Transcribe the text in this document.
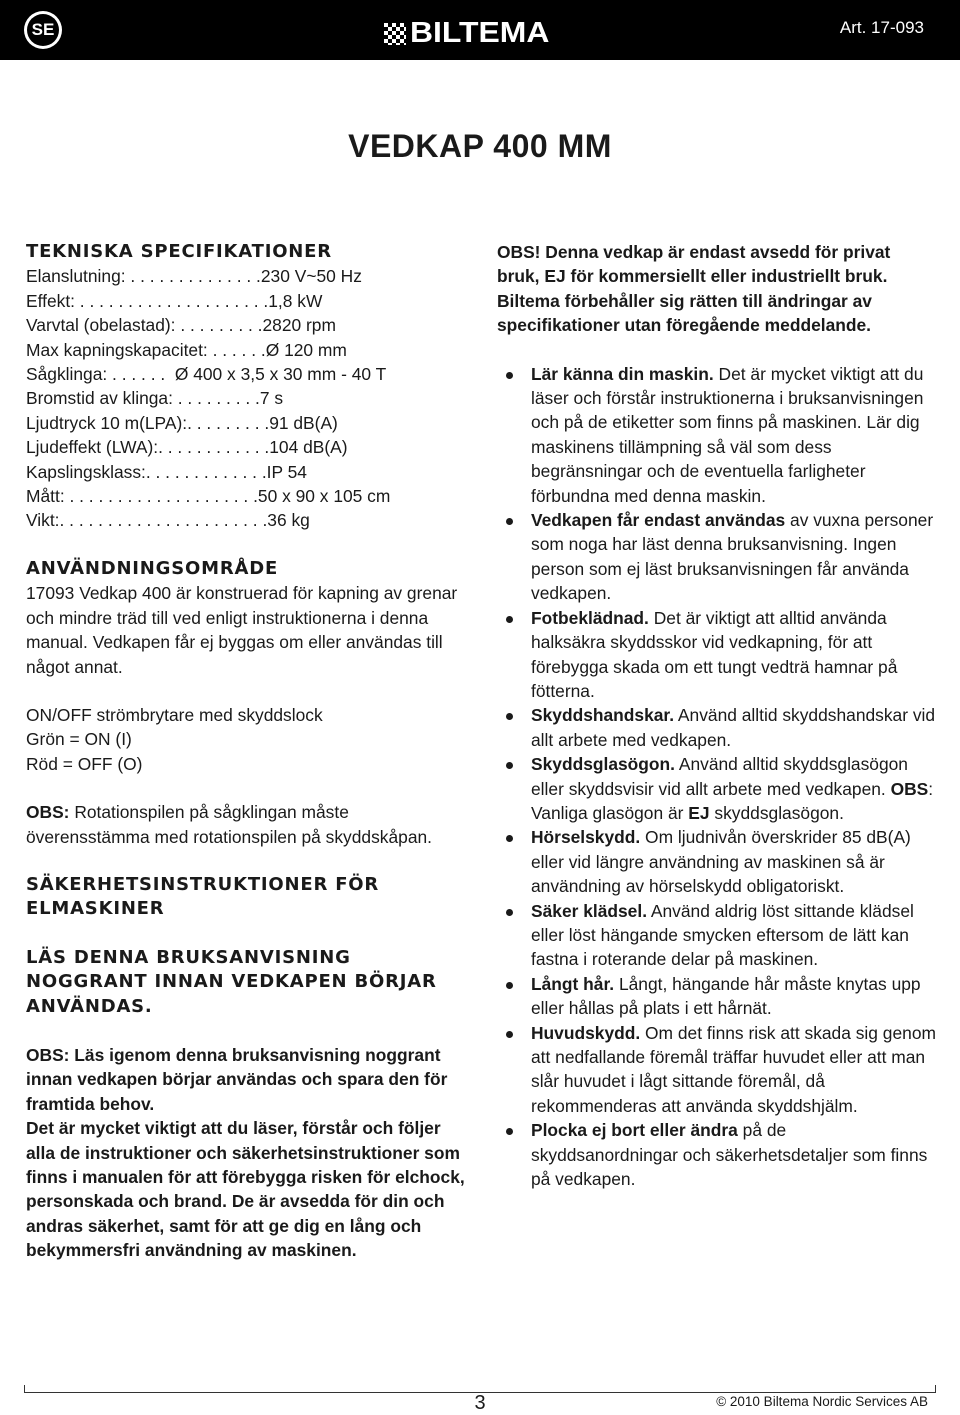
SE	BILTEMA	Art. 17-093
VEDKAP 400 MM
TEKNISKA SPECIFIKATIONER
Elanslutning: . . . . . . . . . . . . . .230 V~50 Hz
Effekt: . . . . . . . . . . . . . . . . . . . .1,8 kW
Varvtal (obelastad): . . . . . . . . .2820 rpm
Max kapningskapacitet: . . . . . .Ø 120 mm
Sågklinga: . . . . . .  Ø 400 x 3,5 x 30 mm - 40 T
Bromstid av klinga: . . . . . . . . .7 s
Ljudtryck 10 m(LPA):. . . . . . . . .91 dB(A)
Ljudeffekt (LWA):. . . . . . . . . . . .104 dB(A)
Kapslingsklass:. . . . . . . . . . . . .IP 54
Mått: . . . . . . . . . . . . . . . . . . . .50 x 90 x 105 cm
Vikt:. . . . . . . . . . . . . . . . . . . . . .36 kg
ANVÄNDNINGSOMRÅDE

17093 Vedkap 400 är konstruerad för kapning av grenar och mindre träd till ved enligt instruktionerna i denna manual. Vedkapen får ej byggas om eller användas till något annat.

ON/OFF strömbrytare med skyddslock

Grön = ON (I)

Röd = OFF (O)

OBS: Rotationspilen på sågklingan måste överensstämma med rotationspilen på skyddskåpan.

SÄKERHETSINSTRUKTIONER FÖR ELMASKINER
LÄS DENNA BRUKSANVISNING NOGGRANT INNAN VEDKAPEN BÖRJAR ANVÄNDAS.

OBS: Läs igenom denna bruksanvisning noggrant innan vedkapen börjar användas och spara den för framtida behov.

Det är mycket viktigt att du läser, förstår och följer alla de instruktioner och säkerhetsinstruktioner som finns i manualen för att förebygga risken för elchock, personskada och brand. De är avsedda för din och andras säkerhet, samt för att ge dig en lång och bekymmersfri användning av maskinen.

OBS! Denna vedkap är endast avsedd för privat bruk, EJ för kommersiellt eller industriellt bruk.

Biltema förbehåller sig rätten till ändringar av specifikationer utan föregående meddelande.

Lär känna din maskin. Det är mycket viktigt att du läser och förstår instruktionerna i bruksanvisningen och på de etiketter som finns på maskinen. Lär dig maskinens tillämpning så väl som dess begränsningar och de eventuella farligheter förbundna med denna maskin.
Vedkapen får endast användas av vuxna personer som noga har läst denna bruksanvisning. Ingen person som ej läst bruksanvisningen får använda vedkapen.
Fotbeklädnad. Det är viktigt att alltid använda halksäkra skyddsskor vid vedkapning, för att förebygga skada om ett tungt vedträ hamnar på fötterna.
Skyddshandskar. Använd alltid skyddshandskar vid allt arbete med vedkapen.
Skyddsglasögon. Använd alltid skyddsglasögon eller skyddsvisir vid allt arbete med vedkapen. OBS: Vanliga glasögon är EJ skyddsglasögon.
Hörselskydd. Om ljudnivån överskrider 85 dB(A) eller vid längre användning av maskinen så är användning av hörselskydd obligatoriskt.
Säker klädsel. Använd aldrig löst sittande klädsel eller löst hängande smycken eftersom de lätt kan fastna i roterande delar på maskinen.
Långt hår. Långt, hängande hår måste knytas upp eller hållas på plats i ett hårnät.
Huvudskydd. Om det finns risk att skada sig genom att nedfallande föremål träffar huvudet eller att man slår huvudet i lågt sittande föremål, då rekommenderas att använda skyddshjälm.
Plocka ej bort eller ändra på de skyddsanordningar och säkerhetsdetaljer som finns på vedkapen.
3	© 2010 Biltema Nordic Services AB
